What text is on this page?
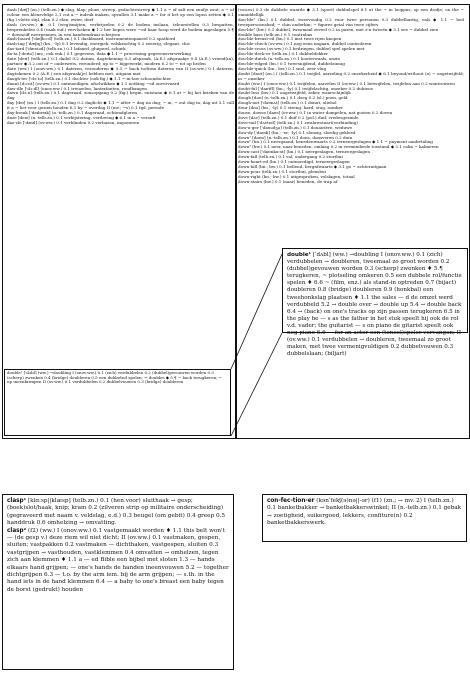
dash [dæʃ] (zn.) (telb.zn.) ◆ slag, klap; plons; streep, gedachtestreep ◆ 1.1 a ~ of salt een snufje zout; a ~ of colour een kleurvlekje 2.1 cut a ~ indruk maken, opvallen 3.1 make a ~ for it het op een lopen zetten ◆ 0.1 (fig.) vlotte stijl, elan 0.2 elan, zwier, durf

dash (ov.ww.) ◆ 0.1 (weg)smijten, verbrijzelen 0.2 de bodem inslaan, teleurstellen 0.3 bespatten, besprenkelen 0.4 (vaak euf.) vervloeken ◆ 1.2 her hopes were ~ed haar hoop werd de bodem ingeslagen 5.¶ ~ down/off neerpennen, in een handomdraai schrijven

dash-board ['dæʃbɔ:d] (telb.zn.) 0.1 dashboard, instrumentenpaneel 0.2 spatbord

dash-ing ['dæʃɪŋ] (bn.; -ly) 0.1 levendig, energiek, wilskrachtig 0.2 zwierig, elegant, chic

das-tard ['dæstəd] (telb.zn.) 0.1 lafaard, gluiperd, schurk

da-ta ['deɪtə] (mv.; ook enk.) 0.1 gegevens, data ◆ 1.1 ~ processing gegevensverwerking

date [deɪt] (telb.zn.) 0.1 dadel 0.2 datum, dagtekening 0.3 afspraak, (A.E.) afspraakje 0.4 (A.E.) vriend(in), partner ◆ 3.2 out of ~ ouderwets, verouderd; up to ~ bijgewerkt, modern 6.2 to ~ tot op heden

date (ww.) I (onov.ww.) 0.1 dateren, verouderen ◆ 5.1 ~ back to/from dateren van II (ov.ww.) 0.1 dateren, dagtekenen 0.2 (A.E.) een afspraak(je) hebben met, uitgaan met

daugh-ter ['dɔ:tə] (telb.zn.) 0.1 dochter (ook fig.) ◆ 1.1 ~-in-law schoondochter

daunt [dɔ:nt] (ov.ww.) 0.1 ontmoedigen, afschrikken ◆ 1.1 nothing ~ed onvervaard

daw-dle ['dɔ:dl] (onov.ww.) 0.1 treuzelen, lanterfanten, rondhangen

dawn [dɔ:n] (telb.zn.) 0.1 dageraad, zonsopgang 0.2 (fig.) begin, ontstaan ◆ 6.1 at ~ bij het krieken van de dag

day [deɪ] (zn.) I (telb.zn.) 0.1 dag 0.2 daglicht ◆ 1.1 ~ after ~ dag na dag; ~ in, ~ out dag in, dag uit 3.1 call it a ~ het voor gezien houden 6.1 by ~ overdag II (mv.; ~s) 0.1 tijd, periode

day-break ['deɪbreɪk] (n.-telb.zn.) 0.1 dageraad, ochtendgloren

daze [deɪz] (n.-telb.zn.) 0.1 verbijstering, verdoving ◆ 6.1 in a ~ versuft

daz-zle ['dæzl] (ov.ww.) 0.1 verblinden 0.2 verbazen, imponeren

(voices) 0.3 de dubbele waarde ◆ 3.1 (sport) dubbelspel 6.1 at the ~ in looppas, op een drafje; on the ~ onmiddellijk

dou-ble² (bn.) 0.1 dubbel, tweevoudig 0.2 voor twee personen 0.3 dubbelhartig, vals ◆ 1.1 ~ bed tweepersoonsbed; ~ chin onderkin; ~ figures getal van twee cijfers

dou-ble³ (bw.) 0.1 dubbel, tweemaal zoveel 0.2 in paren, met z'n tweeën ◆ 3.1 see ~ dubbel zien

double bass (telb.zn.) 0.1 contrabas

dou-ble-breast-ed (bn.) 0.1 met twee rijen knopen

dou-ble-check (ov.ww.) 0.1 nog eens nagaan, dubbel controleren

dou-ble-cross (ov.ww.) 0.1 bedriegen, dubbel spel spelen met

dou-ble-deck-er (telb.zn.) 0.1 dubbeldekker

dou-ble-dutch (n.-telb.zn.) 0.1 koeterwaals, onzin

dou-ble-edged (bn.) 0.1 tweesnijdend, dubbelzinnig

dou-ble-quick (bn., bw.) 0.1 snel, zeer vlug

doubt [daʊt] (zn.) I (telb.zn.) 0.1 twijfel, aarzeling 0.2 onzekerheid ◆ 6.1 beyond/without (a) ~ ongetwijfeld; in ~ onzeker

doubt (ww.) I (onov.ww.) 0.1 twijfelen, aarzelen II (ov.ww.) 0.1 betwijfelen, twijfelen aan 0.2 wantrouwen

doubt-ful ['daʊtfl] (bn.; -ly) 0.1 twijfelachtig, onzeker 0.2 dubieus

doubt-less (bw.) 0.1 ongetwijfeld, zeker, waarschijnlijk

dough [dəʊ] (n.-telb.zn.) 0.1 deeg 0.2 (sl.) poen, geld

dough-nut ['dəʊnʌt] (telb.zn.) 0.1 donut, oliebol

dour [dʊə] (bn.; -ly) 0.1 streng, hard, stug, somber

douse, dowse [daʊs] (ov.ww.) 0.1 in water dompelen, nat gooien 0.2 doven

dove [dʌv] (telb.zn.) 0.1 duif 0.2 (pol.) duif, vredesgezinde

dove-tail ['dʌvteɪl] (telb.zn.) 0.1 zwaluwstaart(verbinding)

dow-a-ger ['daʊədʒə] (telb.zn.) 0.1 douairière, weduwe

dow-dy ['daʊdi] (bn.; -er; -ly) 0.1 slonzig, slordig gekleed

down¹ [daʊn] (n.-telb.zn.) 0.1 dons, donsveren 0.2 duin

down² (bn.) 0.1 neergaand, benedenwaarts 0.2 terneergeslagen ◆ 1.1 ~ payment aanbetaling

down³ (bw.) 0.1 neer, naar beneden, omlaag 0.2 in verminderde toestand ◆ 3.1 calm ~ kalmeren

down-cast ['daʊnkɑ:st] (bn.) 0.1 neergeslagen, terneergeslagen

down-fall (telb.zn.) 0.1 val, ondergang 0.2 stortbui

down-heart-ed (bn.) 0.1 ontmoedigd, terneergeslagen

down-hill (bn.; bw.) 0.1 hellend, bergafwaarts ◆ 3.1 go ~ achteruitgaan

down-pour (telb.zn.) 0.1 stortbui, plensbui

down-right (bn.; bw.) 0.1 uitgesproken, volslagen, totaal

down-stairs (bw.) 0.1 (naar) beneden, de trap af

double¹ ['dʌbl] (ww.) →doubling I (onov.ww.) 0.1 (zich) verdubbelen 0.2 (dubbel)gevouwen worden 0.3 (scherp) zwenken 0.4 (bridge) doubleren 0.5 een dubbelrol spelen; → doubles ◆ 5.¶ ~ back terugkeren; ~ up ineenkrimpen II (ov.ww.) 0.1 verdubbelen 0.2 dubbelvouwen 0.3 (bridge) doubleren
double¹ [ˈdʌbl] (ww.) →doubling I (onov.ww.) 0.1 (zich) verdubbelen → doubleren, tweemaal zo groot worden 0.2 (dubbel)gevouwen worden 0.3 (scherp) zwenken ♦ 5.¶ terugkeren, ~ plotseling omkeren 0.5 een dubbele rol/functie spelen ♦ 6.6 ~ (film, enz.) als stand-in optreden 0.7 (bijact) doubleren 0.8 (bridge) doubleren 0.9 (honkbal) een tweehonkslag plaatsen ♦ 1.1 the sales — d de omzet werd verdubbeld 5.2 → double over → double up 5.4 → double back 6.4 → (back) on one's tracks op zijn passen terugkeren 6.5 in the play he — s as the father in het stuk speelt hij ook de rol v.d. vader; the guitarist — s on piano de gitarist speelt ook nog piano 6.6 — for an actor een (toneel)speler vervangen; II (ov.ww.) 0.1 verdubbelen → doubleren, tweemaal zo groot maken, met twee vermenigvuldigen 0.2 dubbelvouwen 0.3 dubbelslaan; (biljart)
clasp¹ [klɑ:sp||klæsp] (telb.zn.) 0.1 (hen.voor) sluithaak → gesp; (boek)slot/haak, knip; kram 0.2 (zilveren strip op militaire onderscheiding) (gegraveerd met naam v. veldslag, e.d.) 0.3 beugel (om gebit) 0.4 greep 0.5 handdruk 0.6 omhelzing → omvatting.
clasp² (f2) (ww.) I (onov.ww.) 0.1 vastgemaakt worden ♦ 1.1 this belt won't — (de gesp v.) deze riem wil niet dicht; II (ov.ww.) 0.1 vastmaken, gespen, sluiten; vastpakken 0.2 vastmaken — dichthaken, vastgespen, sluiten 0.3 vastgrijpen → vasthouden, vastklemmen 0.4 omvatten → omhelzen, tegen zich aan klemmen ♦ 1.1 a — ed Bible een bijbel met sloten 1.3 — hands elkaars hand grijpen; — one's hands de handen ineenvouwen 5.2 — together dichtgrijpen 6.3 — t.o. by the arm iem. bij de arm grijpen; — s.th. in the hand iets in de hand klemmen 6.4 — a baby to one's breast een baby tegen de borst (gedrukt) houden
con-fec-tion-er (kənˈfekʃ(ə)nə||-ər) (f1) (zn.; → mv. 2) I (telb.zn.) 0.1 banketbakker → banketbakkerswinkel; II (n.-telb.zn.) 0.1 gebak → zoetigheid, suikergoed, lekkers, confiture(n) 0.2 banketbakkerswerk.
